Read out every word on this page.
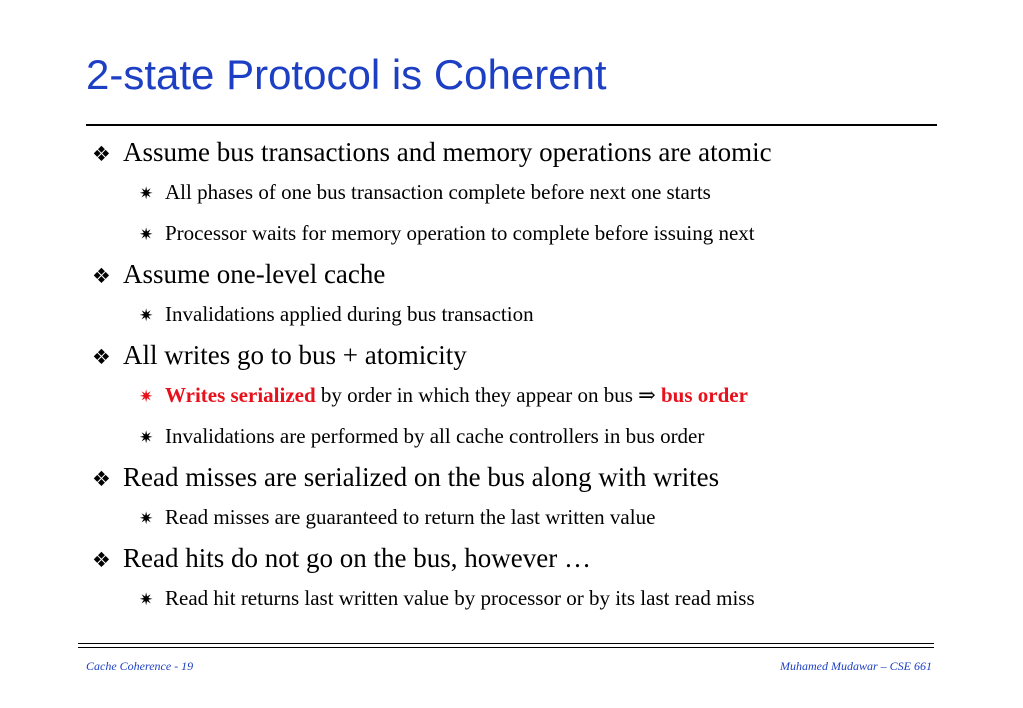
2-state Protocol is Coherent
❖ Assume bus transactions and memory operations are atomic
✷ All phases of one bus transaction complete before next one starts
✷ Processor waits for memory operation to complete before issuing next
❖ Assume one-level cache
✷ Invalidations applied during bus transaction
❖ All writes go to bus + atomicity
✷ Writes serialized by order in which they appear on bus ⇒ bus order
✷ Invalidations are performed by all cache controllers in bus order
❖ Read misses are serialized on the bus along with writes
✷ Read misses are guaranteed to return the last written value
❖ Read hits do not go on the bus, however …
✷ Read hit returns last written value by processor or by its last read miss
Cache Coherence - 19	Muhamed Mudawar – CSE 661
